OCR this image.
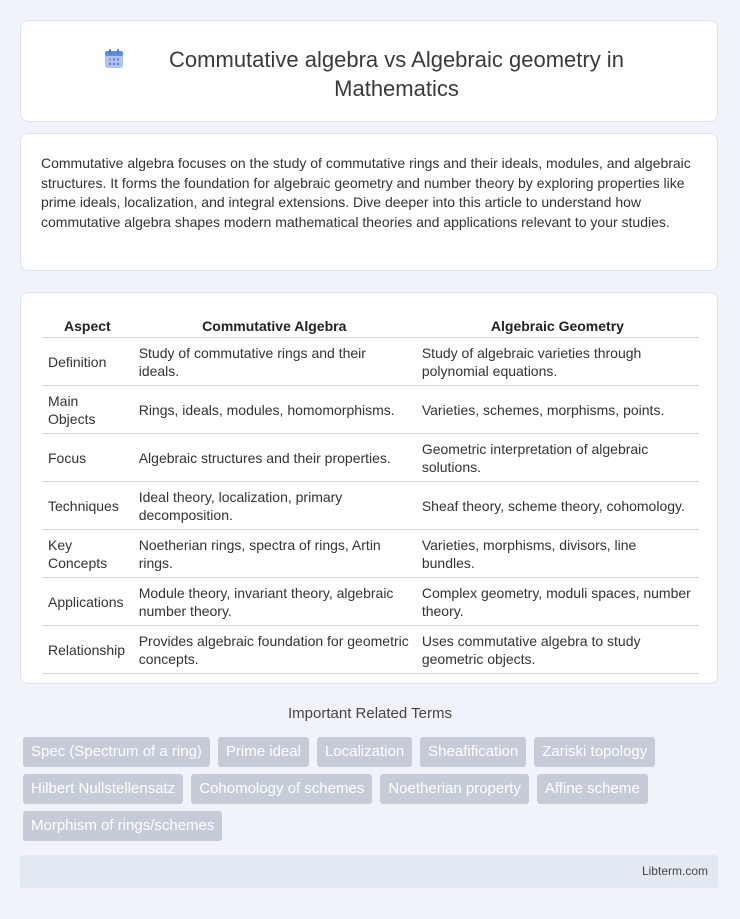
Commutative algebra vs Algebraic geometry in Mathematics

Commutative algebra focuses on the study of commutative rings and their ideals, modules, and algebraic structures. It forms the foundation for algebraic geometry and number theory by exploring properties like prime ideals, localization, and integral extensions. Dive deeper into this article to understand how commutative algebra shapes modern mathematical theories and applications relevant to your studies.

Aspect	Commutative Algebra	Algebraic Geometry
Definition	Study of commutative rings and their ideals.	Study of algebraic varieties through polynomial equations.
Main Objects	Rings, ideals, modules, homomorphisms.	Varieties, schemes, morphisms, points.
Focus	Algebraic structures and their properties.	Geometric interpretation of algebraic solutions.
Techniques	Ideal theory, localization, primary decomposition.	Sheaf theory, scheme theory, cohomology.
Key Concepts	Noetherian rings, spectra of rings, Artin rings.	Varieties, morphisms, divisors, line bundles.
Applications	Module theory, invariant theory, algebraic number theory.	Complex geometry, moduli spaces, number theory.
Relationship	Provides algebraic foundation for geometric concepts.	Uses commutative algebra to study geometric objects.
Important Related Terms
Spec (Spectrum of a ring)	Prime ideal	Localization	Sheafification	Zariski topology
Hilbert Nullstellensatz	Cohomology of schemes	Noetherian property	Affine scheme
Morphism of rings/schemes
Libterm.com
